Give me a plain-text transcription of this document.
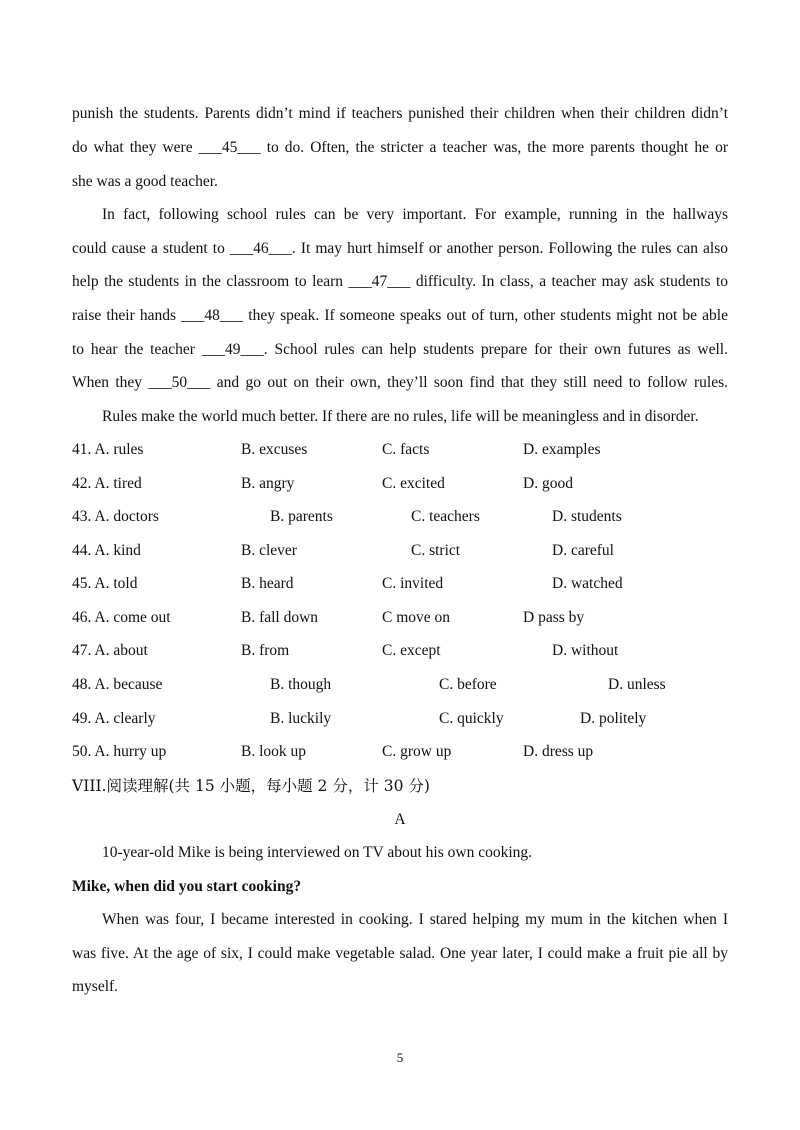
punish the students. Parents didn’t mind if teachers punished their children when their children didn’t
do what they were ___45___ to do. Often, the stricter a teacher was, the more parents thought he or
she was a good teacher.
In fact, following school rules can be very important. For example, running in the hallways
could cause a student to ___46___. It may hurt himself or another person. Following the rules can also
help the students in the classroom to learn ___47___ difficulty. In class, a teacher may ask students to
raise their hands ___48___ they speak. If someone speaks out of turn, other students might not be able
to hear the teacher ___49___. School rules can help students prepare for their own futures as well.
When they ___50___ and go out on their own, they’ll soon find that they still need to follow rules.
Rules make the world much better. If there are no rules, life will be meaningless and in disorder.
41. A. rules	B. excuses	C. facts	D. examples
42. A. tired	B. angry	C. excited	D. good
43. A. doctors	B. parents	C. teachers	D. students
44. A. kind	B. clever	C. strict	D. careful
45. A. told	B. heard	C. invited	D. watched
46. A. come out	B. fall down	C move on	D pass by
47. A. about	B. from	C. except	D. without
48. A. because	B. though	C. before	D. unless
49. A. clearly	B. luckily	C. quickly	D. politely
50. A. hurry up	B. look up	C. grow up	D. dress up
VIII.阅读理解(共 15 小题，每小题 2 分，计 30 分)
A
10-year-old Mike is being interviewed on TV about his own cooking.
Mike, when did you start cooking?
When was four, I became interested in cooking. I stared helping my mum in the kitchen when I
was five. At the age of six, I could make vegetable salad. One year later, I could make a fruit pie all by
myself.
5
